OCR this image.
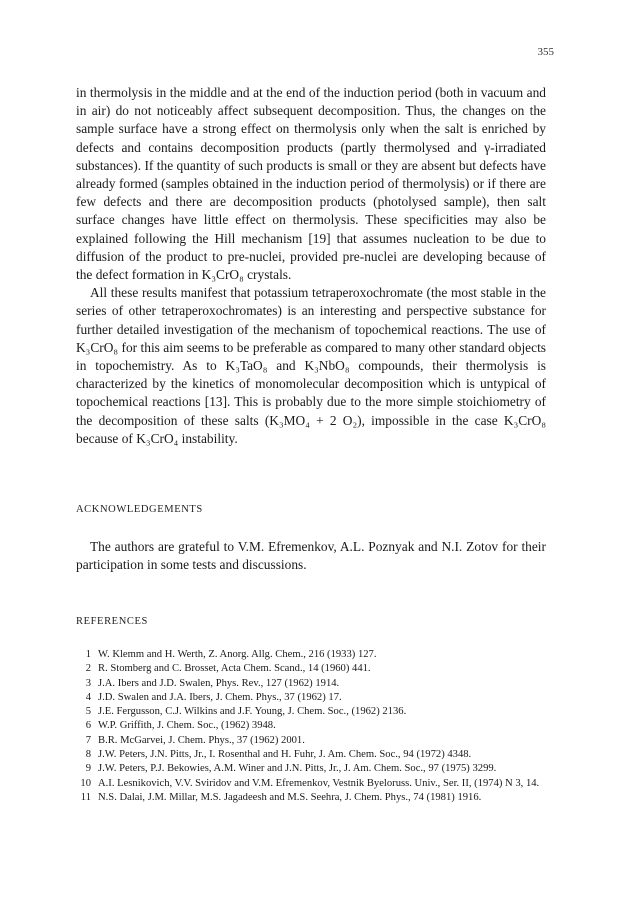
355

in thermolysis in the middle and at the end of the induction period (both in vacuum and in air) do not noticeably affect subsequent decomposition. Thus, the changes on the sample surface have a strong effect on thermolysis only when the salt is enriched by defects and contains decomposition products (partly thermolysed and γ-irradiated substances). If the quantity of such products is small or they are absent but defects have already formed (samples obtained in the induction period of thermolysis) or if there are few defects and there are decomposition products (photolysed sample), then salt surface changes have little effect on thermolysis. These specificities may also be explained following the Hill mechanism [19] that assumes nucleation to be due to diffusion of the product to pre-nuclei, provided pre-nuclei are developing because of the defect formation in K₃CrO₈ crystals.

All these results manifest that potassium tetraperoxochromate (the most stable in the series of other tetraperoxochromates) is an interesting and perspective substance for further detailed investigation of the mechanism of topochemical reactions. The use of K₃CrO₈ for this aim seems to be preferable as compared to many other standard objects in topochemistry. As to K₃TaO₈ and K₃NbO₈ compounds, their thermolysis is characterized by the kinetics of monomolecular decomposition which is untypical of topochemical reactions [13]. This is probably due to the more simple stoichiometry of the decomposition of these salts (K₃MO₄ + 2 O₂), impossible in the case K₃CrO₈ because of K₃CrO₄ instability.

ACKNOWLEDGEMENTS
The authors are grateful to V.M. Efremenkov, A.L. Poznyak and N.I. Zotov for their participation in some tests and discussions.
REFERENCES
1 W. Klemm and H. Werth, Z. Anorg. Allg. Chem., 216 (1933) 127.
2 R. Stomberg and C. Brosset, Acta Chem. Scand., 14 (1960) 441.
3 J.A. Ibers and J.D. Swalen, Phys. Rev., 127 (1962) 1914.
4 J.D. Swalen and J.A. Ibers, J. Chem. Phys., 37 (1962) 17.
5 J.E. Fergusson, C.J. Wilkins and J.F. Young, J. Chem. Soc., (1962) 2136.
6 W.P. Griffith, J. Chem. Soc., (1962) 3948.
7 B.R. McGarvei, J. Chem. Phys., 37 (1962) 2001.
8 J.W. Peters, J.N. Pitts, Jr., I. Rosenthal and H. Fuhr, J. Am. Chem. Soc., 94 (1972) 4348.
9 J.W. Peters, P.J. Bekowies, A.M. Winer and J.N. Pitts, Jr., J. Am. Chem. Soc., 97 (1975) 3299.
10 A.I. Lesnikovich, V.V. Sviridov and V.M. Efremenkov, Vestnik Byeloruss. Univ., Ser. II, (1974) N 3, 14.
11 N.S. Dalai, J.M. Millar, M.S. Jagadeesh and M.S. Seehra, J. Chem. Phys., 74 (1981) 1916.
